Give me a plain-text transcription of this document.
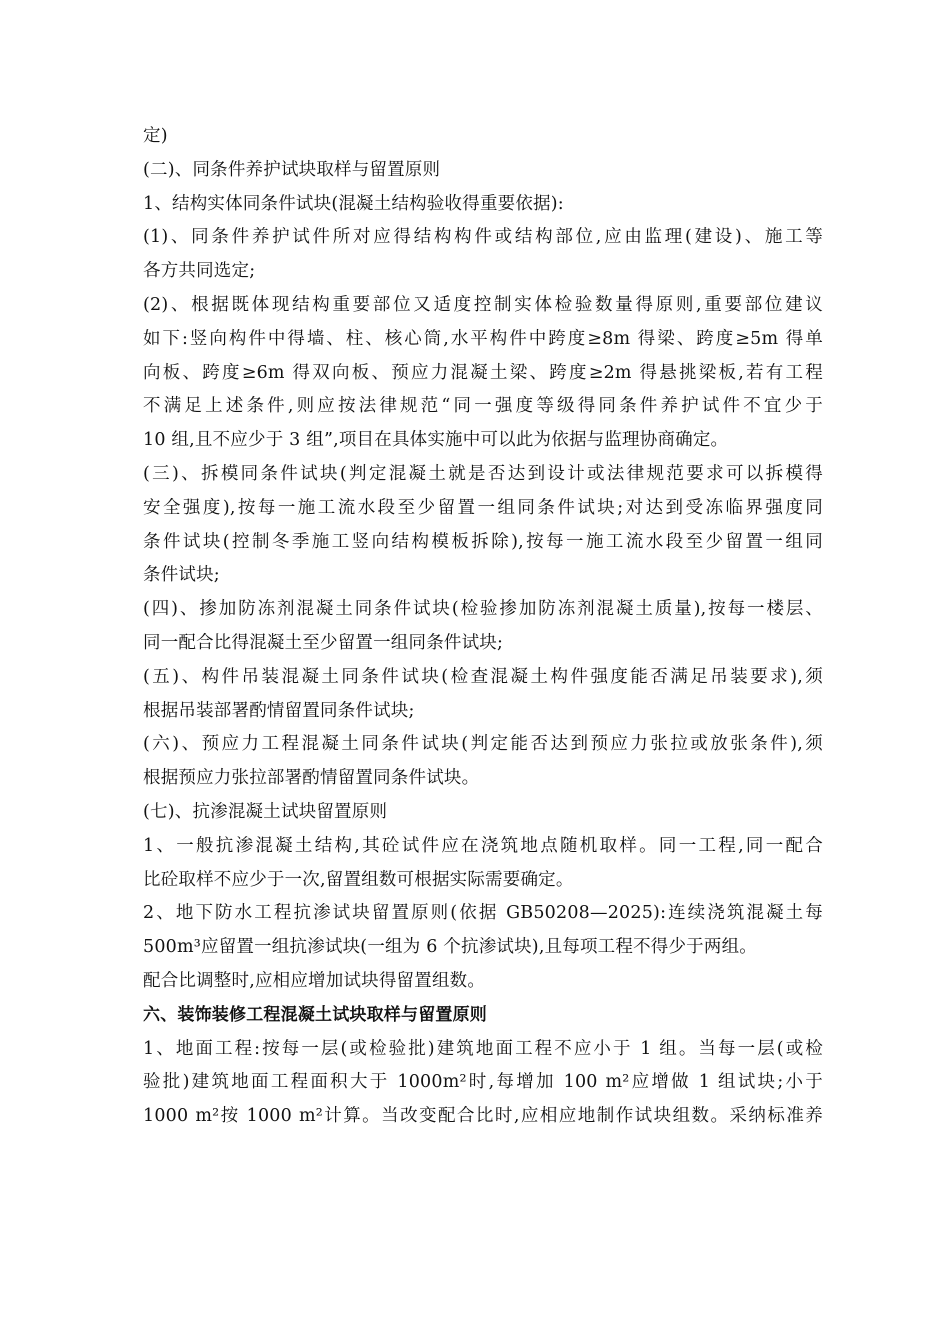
定)
(二)、同条件养护试块取样与留置原则
1、结构实体同条件试块(混凝土结构验收得重要依据):
(1)、同条件养护试件所对应得结构构件或结构部位,应由监理(建设)、施工等
各方共同选定;
(2)、根据既体现结构重要部位又适度控制实体检验数量得原则,重要部位建议
如下:竖向构件中得墙、柱、核心筒,水平构件中跨度≥8m 得梁、跨度≥5m 得单
向板、跨度≥6m 得双向板、预应力混凝土梁、跨度≥2m 得悬挑梁板,若有工程
不满足上述条件,则应按法律规范“同一强度等级得同条件养护试件不宜少于
10 组,且不应少于 3 组”,项目在具体实施中可以此为依据与监理协商确定。
(三)、拆模同条件试块(判定混凝土就是否达到设计或法律规范要求可以拆模得
安全强度),按每一施工流水段至少留置一组同条件试块;对达到受冻临界强度同
条件试块(控制冬季施工竖向结构模板拆除),按每一施工流水段至少留置一组同
条件试块;
(四)、掺加防冻剂混凝土同条件试块(检验掺加防冻剂混凝土质量),按每一楼层、
同一配合比得混凝土至少留置一组同条件试块;
(五)、构件吊装混凝土同条件试块(检查混凝土构件强度能否满足吊装要求),须
根据吊装部署酌情留置同条件试块;
(六)、预应力工程混凝土同条件试块(判定能否达到预应力张拉或放张条件),须
根据预应力张拉部署酌情留置同条件试块。
(七)、抗渗混凝土试块留置原则
1、一般抗渗混凝土结构,其砼试件应在浇筑地点随机取样。同一工程,同一配合
比砼取样不应少于一次,留置组数可根据实际需要确定。
2、地下防水工程抗渗试块留置原则(依据 GB50208—2025):连续浇筑混凝土每
500m³应留置一组抗渗试块(一组为 6 个抗渗试块),且每项工程不得少于两组。
配合比调整时,应相应增加试块得留置组数。
六、装饰装修工程混凝土试块取样与留置原则
1、地面工程:按每一层(或检验批)建筑地面工程不应小于 1 组。当每一层(或检
验批)建筑地面工程面积大于 1000m²时,每增加 100 m²应增做 1 组试块;小于
1000 m²按 1000 m²计算。当改变配合比时,应相应地制作试块组数。采纳标准养
